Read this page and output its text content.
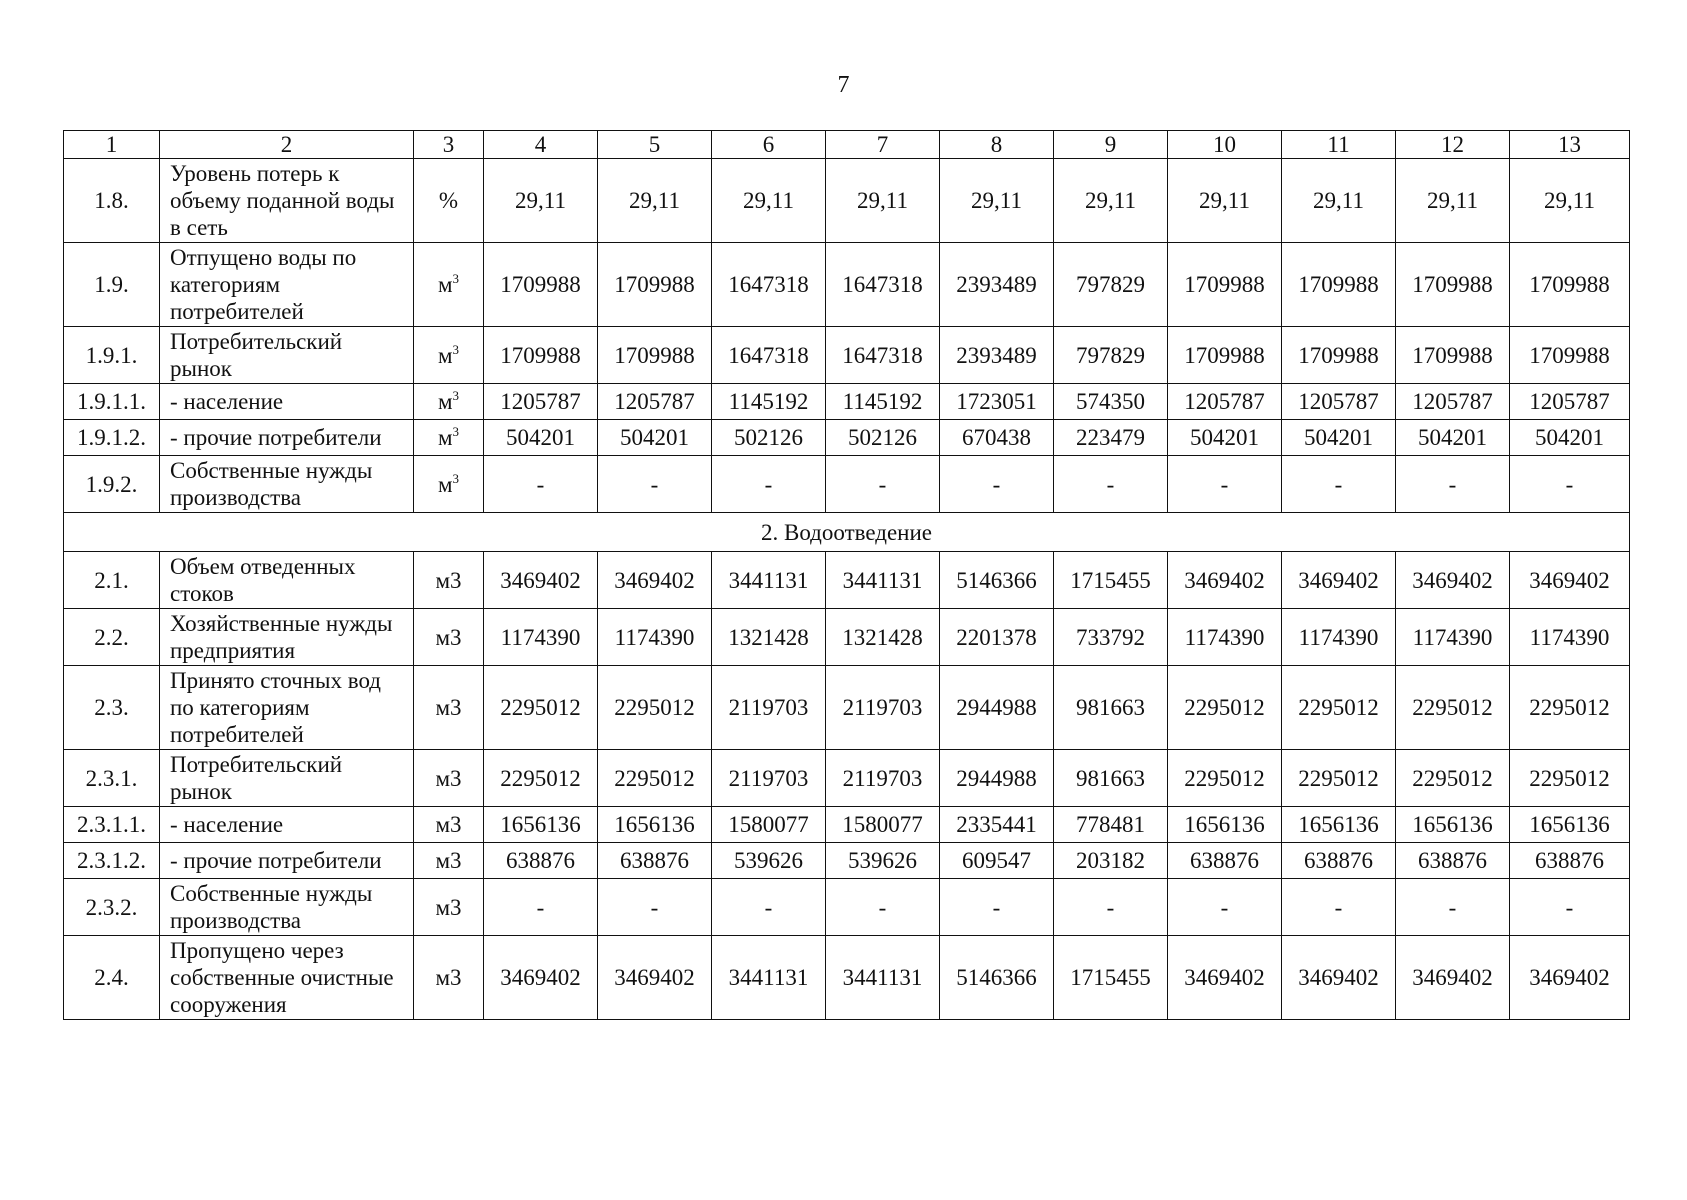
7
1	2	3	4	5	6	7	8	9	10	11	12	13
1.8.	Уровень потерь к объему поданной воды в сеть	%	29,11	29,11	29,11	29,11	29,11	29,11	29,11	29,11	29,11	29,11
1.9.	Отпущено воды по категориям потребителей	$м^3$	1709988	1709988	1647318	1647318	2393489	797829	1709988	1709988	1709988	1709988
1.9.1.	Потребительский рынок	$м^3$	1709988	1709988	1647318	1647318	2393489	797829	1709988	1709988	1709988	1709988
1.9.1.1.	- население	$м^3$	1205787	1205787	1145192	1145192	1723051	574350	1205787	1205787	1205787	1205787
1.9.1.2.	- прочие потребители	$м^3$	504201	504201	502126	502126	670438	223479	504201	504201	504201	504201
1.9.2.	Собственные нужды производства	$м^3$	-	-	-	-	-	-	-	-	-	-
2. Водоотведение												
2.1.	Объем отведенных стоков	м3	3469402	3469402	3441131	3441131	5146366	1715455	3469402	3469402	3469402	3469402
2.2.	Хозяйственные нужды предприятия	м3	1174390	1174390	1321428	1321428	2201378	733792	1174390	1174390	1174390	1174390
2.3.	Принято сточных вод по категориям потребителей	м3	2295012	2295012	2119703	2119703	2944988	981663	2295012	2295012	2295012	2295012
2.3.1.	Потребительский рынок	м3	2295012	2295012	2119703	2119703	2944988	981663	2295012	2295012	2295012	2295012
2.3.1.1.	- население	м3	1656136	1656136	1580077	1580077	2335441	778481	1656136	1656136	1656136	1656136
2.3.1.2.	- прочие потребители	м3	638876	638876	539626	539626	609547	203182	638876	638876	638876	638876
2.3.2.	Собственные нужды производства	м3	-	-	-	-	-	-	-	-	-	-
2.4.	Пропущено через собственные очистные сооружения	м3	3469402	3469402	3441131	3441131	5146366	1715455	3469402	3469402	3469402	3469402
